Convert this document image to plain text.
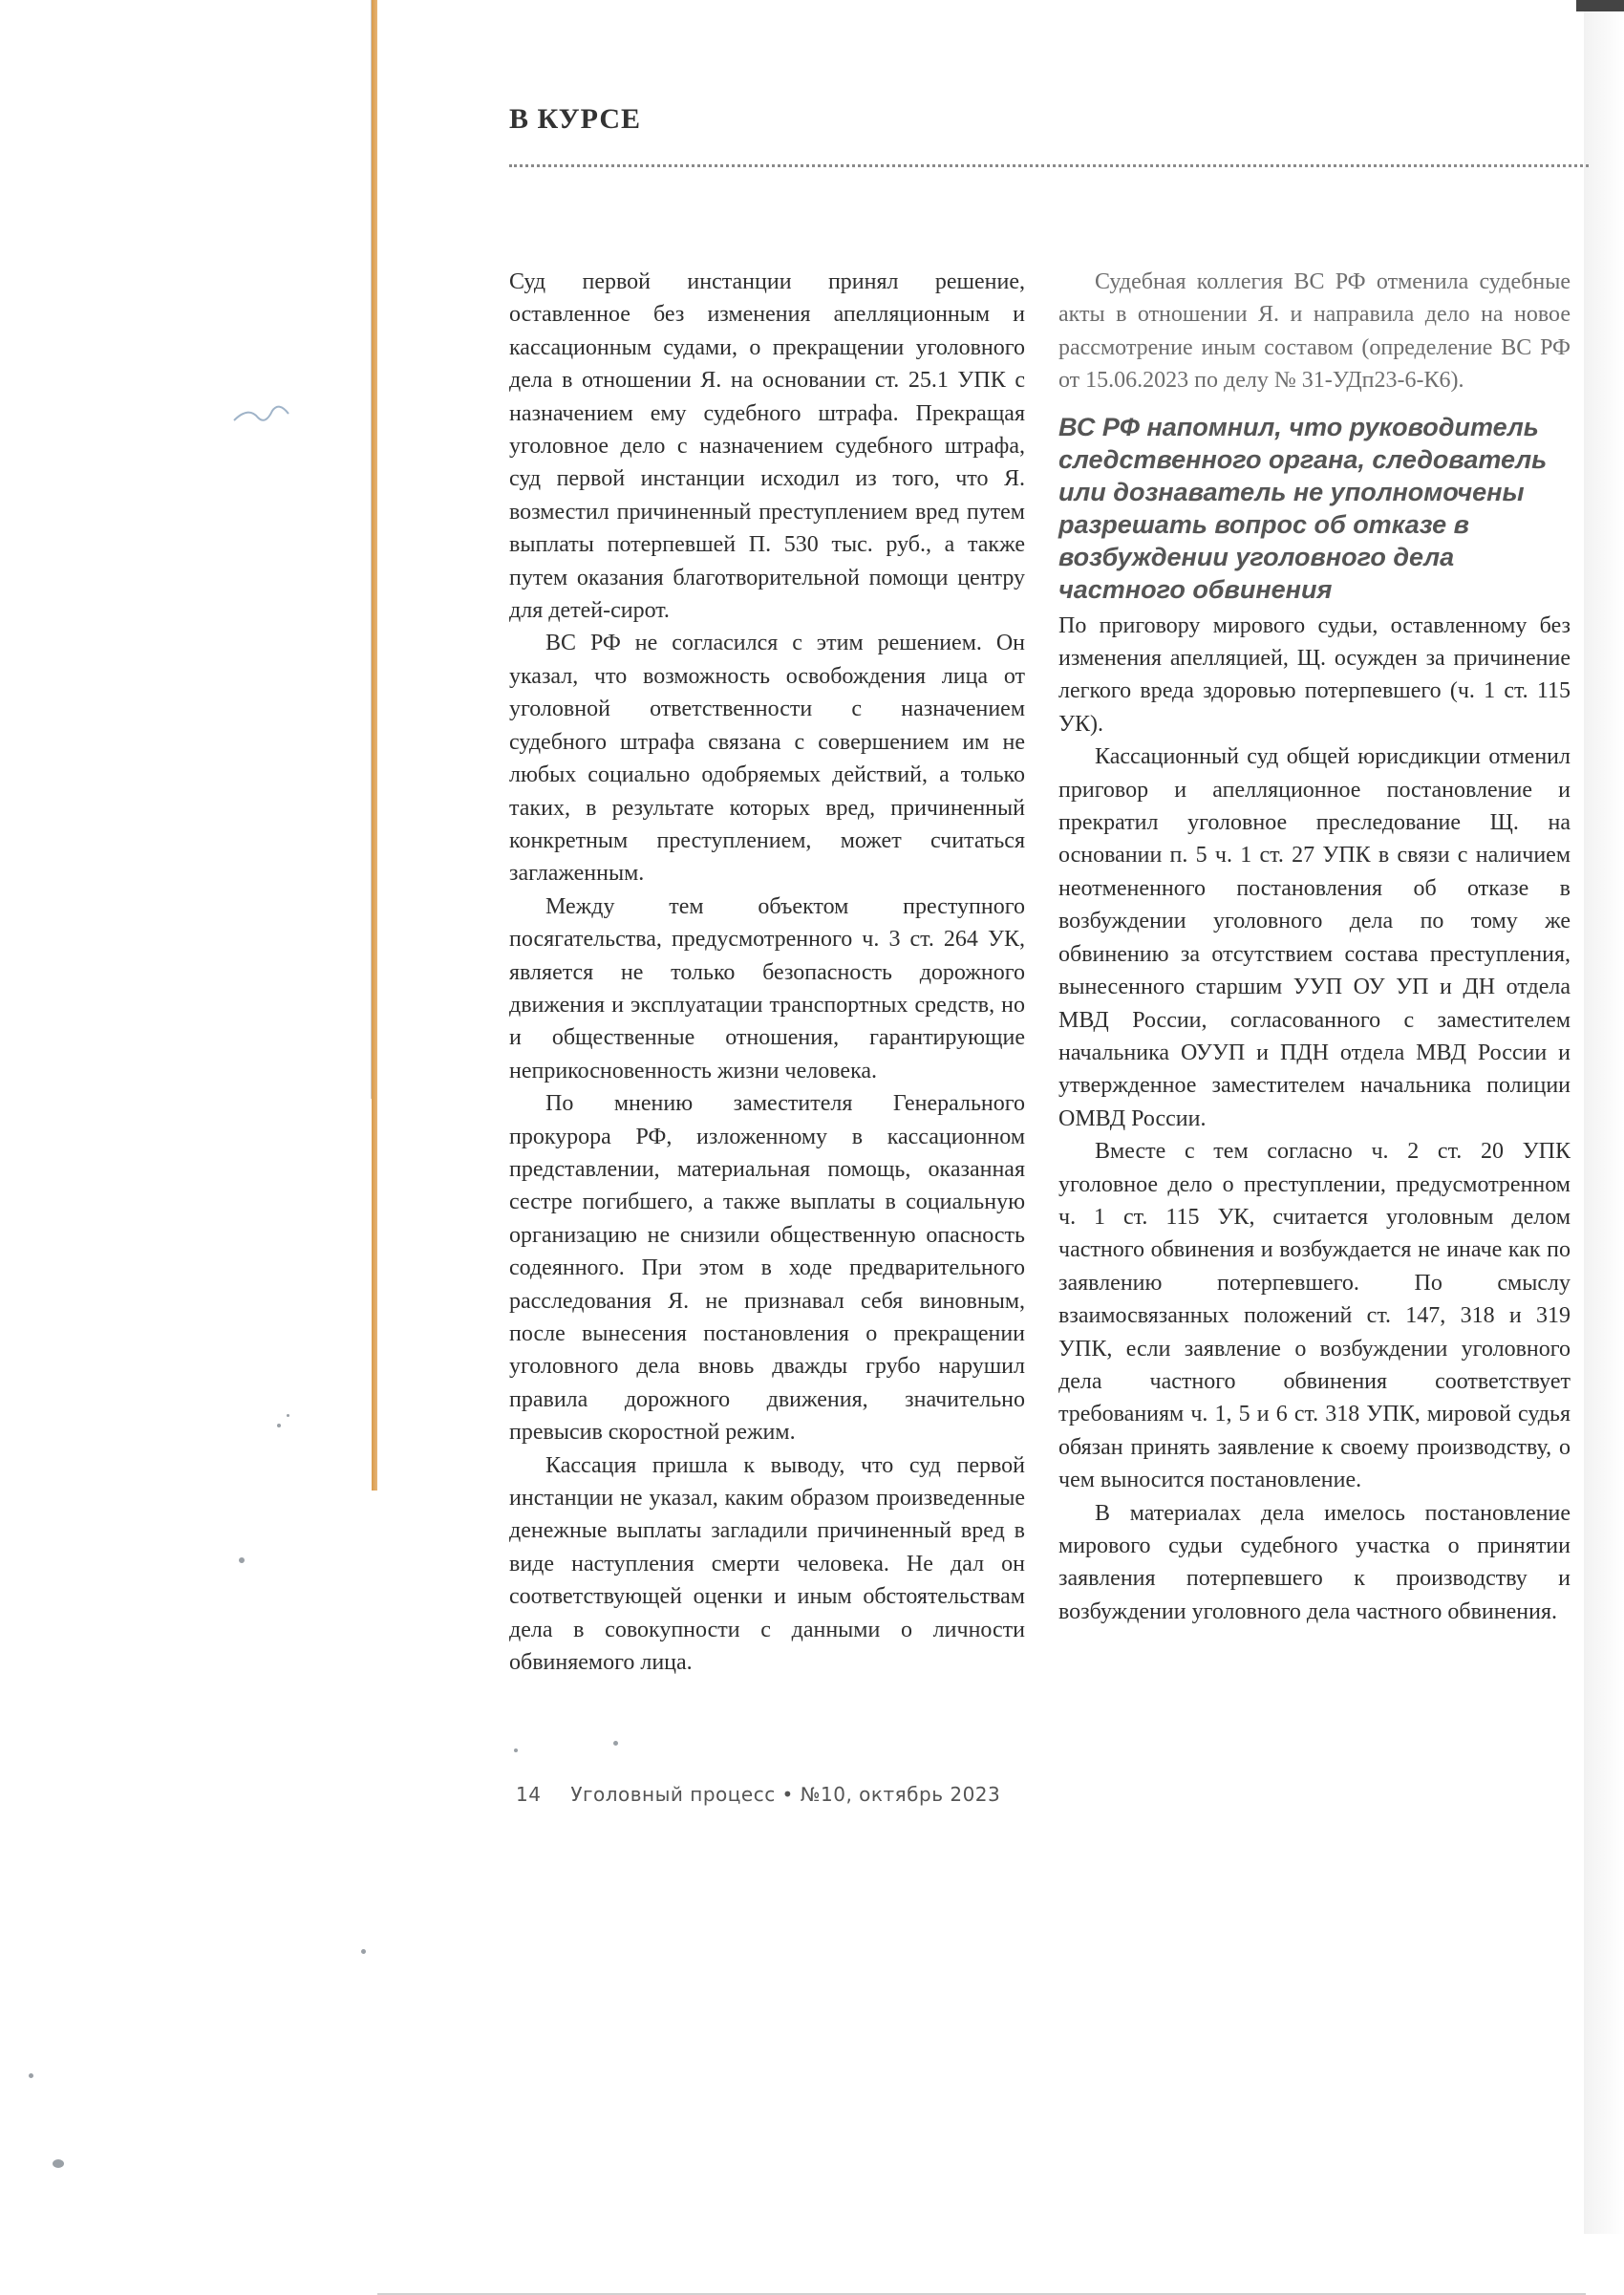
В КУРСЕ

Суд первой инстанции принял решение, оставленное без изменения апелляционным и кассационным судами, о прекращении уголовного дела в отношении Я. на основании ст. 25.1 УПК с назначением ему судебного штрафа. Прекращая уголовное дело с назначением судебного штрафа, суд первой инстанции исходил из того, что Я. возместил причиненный преступлением вред путем выплаты потерпевшей П. 530 тыс. руб., а также путем оказания благотворительной помощи центру для детей-сирот.

ВС РФ не согласился с этим решением. Он указал, что возможность освобождения лица от уголовной ответственности с назначением судебного штрафа связана с совершением им не любых социально одобряемых действий, а только таких, в результате которых вред, причиненный конкретным преступлением, может считаться заглаженным.

Между тем объектом преступного посягательства, предусмотренного ч. 3 ст. 264 УК, является не только безопасность дорожного движения и эксплуатации транспортных средств, но и общественные отношения, гарантирующие неприкосновенность жизни человека.

По мнению заместителя Генерального прокурора РФ, изложенному в кассационном представлении, материальная помощь, оказанная сестре погибшего, а также выплаты в социальную организацию не снизили общественную опасность содеянного. При этом в ходе предварительного расследования Я. не признавал себя виновным, после вынесения постановления о прекращении уголовного дела вновь дважды грубо нарушил правила дорожного движения, значительно превысив скоростной режим.

Кассация пришла к выводу, что суд первой инстанции не указал, каким образом произведенные денежные выплаты загладили причиненный вред в виде наступления смерти человека. Не дал он соответствующей оценки и иным обстоятельствам дела в совокупности с данными о личности обвиняемого лица.

Судебная коллегия ВС РФ отменила судебные акты в отношении Я. и направила дело на новое рассмотрение иным составом (определение ВС РФ от 15.06.2023 по делу № 31-УДп23-6-К6).

ВС РФ напомнил, что руководитель следственного органа, следователь или дознаватель не уполномочены разрешать вопрос об отказе в возбуждении уголовного дела частного обвинения

По приговору мирового судьи, оставленному без изменения апелляцией, Щ. осужден за причинение легкого вреда здоровью потерпевшего (ч. 1 ст. 115 УК).

Кассационный суд общей юрисдикции отменил приговор и апелляционное постановление и прекратил уголовное преследование Щ. на основании п. 5 ч. 1 ст. 27 УПК в связи с наличием неотмененного постановления об отказе в возбуждении уголовного дела по тому же обвинению за отсутствием состава преступления, вынесенного старшим УУП ОУ УП и ДН отдела МВД России, согласованного с заместителем начальника ОУУП и ПДН отдела МВД России и утвержденное заместителем начальника полиции ОМВД России.

Вместе с тем согласно ч. 2 ст. 20 УПК уголовное дело о преступлении, предусмотренном ч. 1 ст. 115 УК, считается уголовным делом частного обвинения и возбуждается не иначе как по заявлению потерпевшего. По смыслу взаимосвязанных положений ст. 147, 318 и 319 УПК, если заявление о возбуждении уголовного дела частного обвинения соответствует требованиям ч. 1, 5 и 6 ст. 318 УПК, мировой судья обязан принять заявление к своему производству, о чем выносится постановление.

В материалах дела имелось постановление мирового судьи судебного участка о принятии заявления потерпевшего к производству и возбуждении уголовного дела частного обвинения.

14 Уголовный процесс • №10, октябрь 2023
